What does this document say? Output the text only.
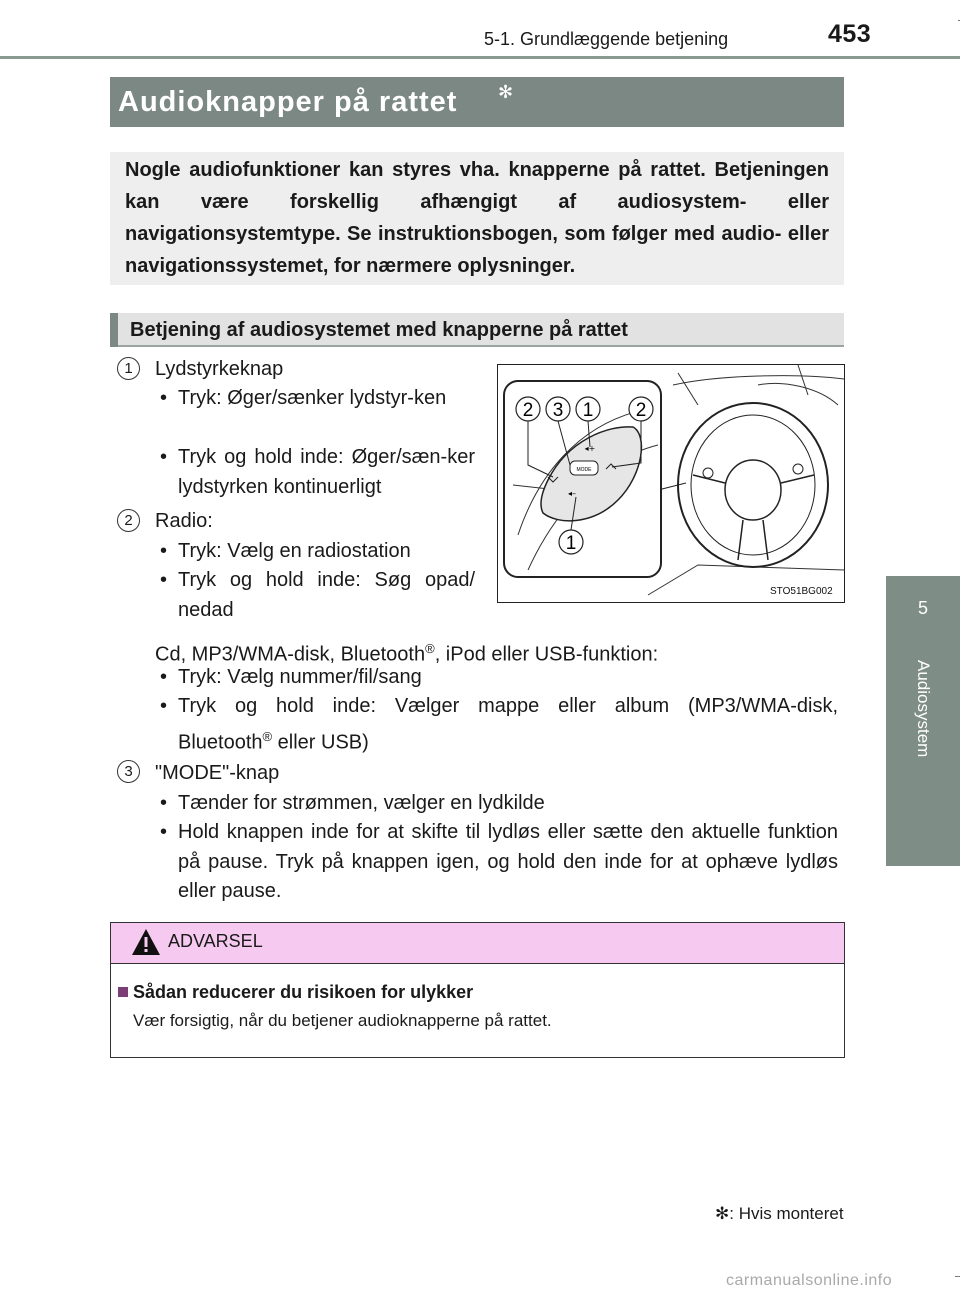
5-1. Grundlæggende betjening	453
5
Audiosystem
Audioknapper på rattet ✻
Nogle audiofunktioner kan styres vha. knapperne på rattet. Betjeningen kan være forskellig afhængigt af audiosystem- eller navigationsystemtype. Se instruktionsbogen, som følger med audio- eller navigationssystemet, for nærmere oplysninger.
Betjening af audiosystemet med knapperne på rattet
1	Lydstyrkeknap
• Tryk: Øger/sænker lydstyr-ken
• Tryk og hold inde: Øger/sæn-ker lydstyrken kontinuerligt
2	Radio:
• Tryk: Vælg en radiostation
• Tryk og hold inde: Søg opad/ nedad
Cd, MP3/WMA-disk, Bluetooth®, iPod eller USB-funktion:
• Tryk: Vælg nummer/fil/sang
• Tryk og hold inde: Vælger mappe eller album (MP3/WMA-disk,
Bluetooth® eller USB)
3	"MODE"-knap
• Tænder for strømmen, vælger en lydkilde
• Hold knappen inde for at skifte til lydløs eller sætte den aktuelle funktion på pause. Tryk på knappen igen, og hold den inde for at ophæve lydløs eller pause.
MODE
◂+
◂–
2 3 1 2
1
STO51BG002
ADVARSEL
Sådan reducerer du risikoen for ulykker
Vær forsigtig, når du betjener audioknapperne på rattet.
✻: Hvis monteret
carmanualsonline.info
